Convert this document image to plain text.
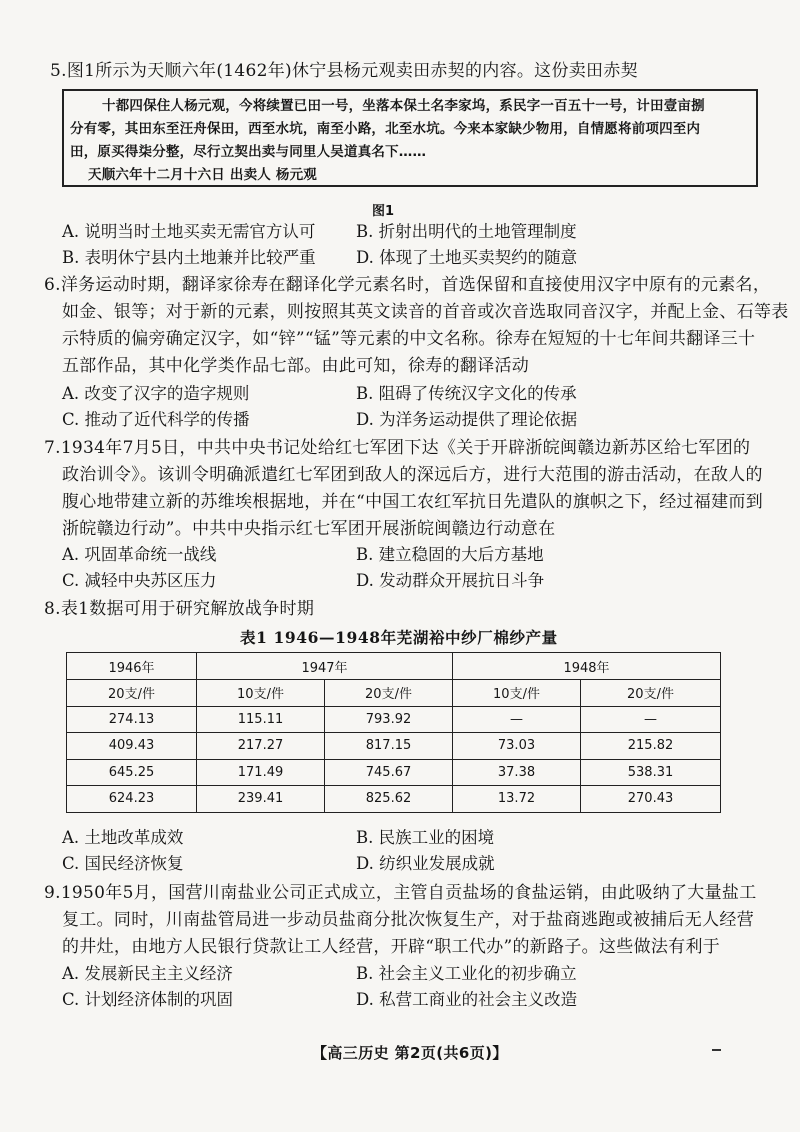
5.图1所示为天顺六年(1462年)休宁县杨元观卖田赤契的内容。这份卖田赤契
十都四保住人杨元观，今将续置已田一号，坐落本保土名李家坞，系民字一百五十一号，计田壹亩捌
分有零，其田东至汪舟保田，西至水坑，南至小路，北至水坑。今来本家缺少物用，自情愿将前项四至内
田，原买得柒分整，尽行立契出卖与同里人吴道真名下……
天顺六年十二月十六日 出卖人 杨元观
图1
A. 说明当时土地买卖无需官方认可 B. 折射出明代的土地管理制度
B. 表明休宁县内土地兼并比较严重 D. 体现了土地买卖契约的随意
6.洋务运动时期，翻译家徐寿在翻译化学元素名时，首选保留和直接使用汉字中原有的元素名，
如金、银等；对于新的元素，则按照其英文读音的首音或次音选取同音汉字，并配上金、石等表
示特质的偏旁确定汉字，如“锌”“锰”等元素的中文名称。徐寿在短短的十七年间共翻译三十
五部作品，其中化学类作品七部。由此可知，徐寿的翻译活动
A. 改变了汉字的造字规则	B. 阻碍了传统汉字文化的传承
C. 推动了近代科学的传播	D. 为洋务运动提供了理论依据
7.1934年7月5日，中共中央书记处给红七军团下达《关于开辟浙皖闽赣边新苏区给七军团的
政治训令》。该训令明确派遣红七军团到敌人的深远后方，进行大范围的游击活动，在敌人的
腹心地带建立新的苏维埃根据地，并在“中国工农红军抗日先遣队的旗帜之下，经过福建而到
浙皖赣边行动”。中共中央指示红七军团开展浙皖闽赣边行动意在
A. 巩固革命统一战线	B. 建立稳固的大后方基地
C. 减轻中央苏区压力	D. 发动群众开展抗日斗争
8.表1数据可用于研究解放战争时期
表1 1946—1948年芜湖裕中纱厂棉纱产量
1946年	1947年		1948年	
20支/件	10支/件	20支/件	10支/件	20支/件
274.13	115.11	793.92	—	—
409.43	217.27	817.15	73.03	215.82
645.25	171.49	745.67	37.38	538.31
624.23	239.41	825.62	13.72	270.43
A. 土地改革成效	B. 民族工业的困境
C. 国民经济恢复	D. 纺织业发展成就
9.1950年5月，国营川南盐业公司正式成立，主管自贡盐场的食盐运销，由此吸纳了大量盐工
复工。同时，川南盐管局进一步动员盐商分批次恢复生产，对于盐商逃跑或被捕后无人经营
的井灶，由地方人民银行贷款让工人经营，开辟“职工代办”的新路子。这些做法有利于
A. 发展新民主主义经济	B. 社会主义工业化的初步确立
C. 计划经济体制的巩固	D. 私营工商业的社会主义改造
【高三历史 第2页(共6页)】
